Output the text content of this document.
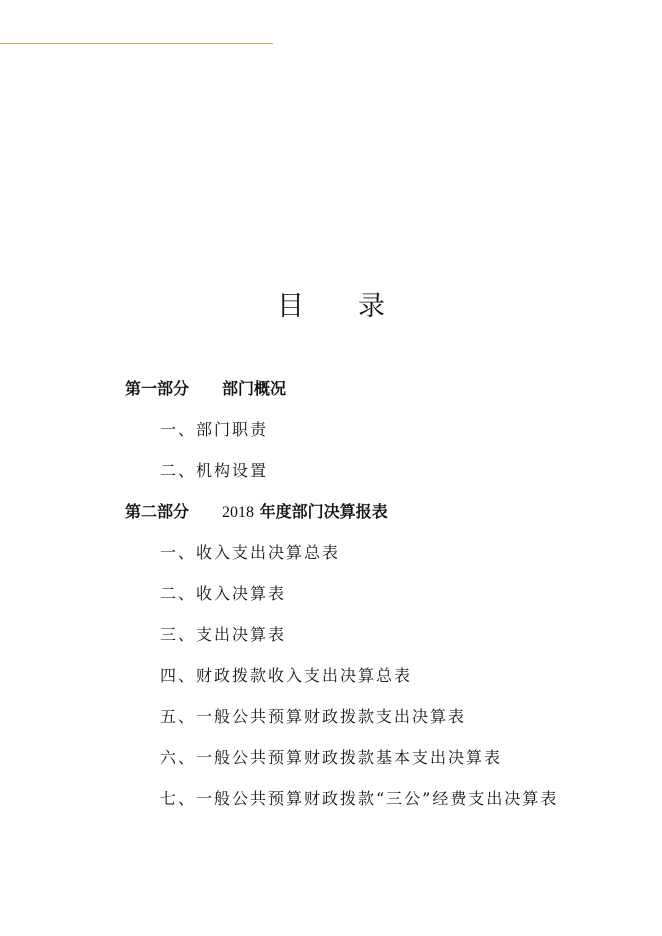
目　　录
第一部分 部门概况
一、部门职责
二、机构设置
第二部分 2018 年度部门决算报表
一、收入支出决算总表
二、收入决算表
三、支出决算表
四、财政拨款收入支出决算总表
五、一般公共预算财政拨款支出决算表
六、一般公共预算财政拨款基本支出决算表
七、一般公共预算财政拨款“三公”经费支出决算表
